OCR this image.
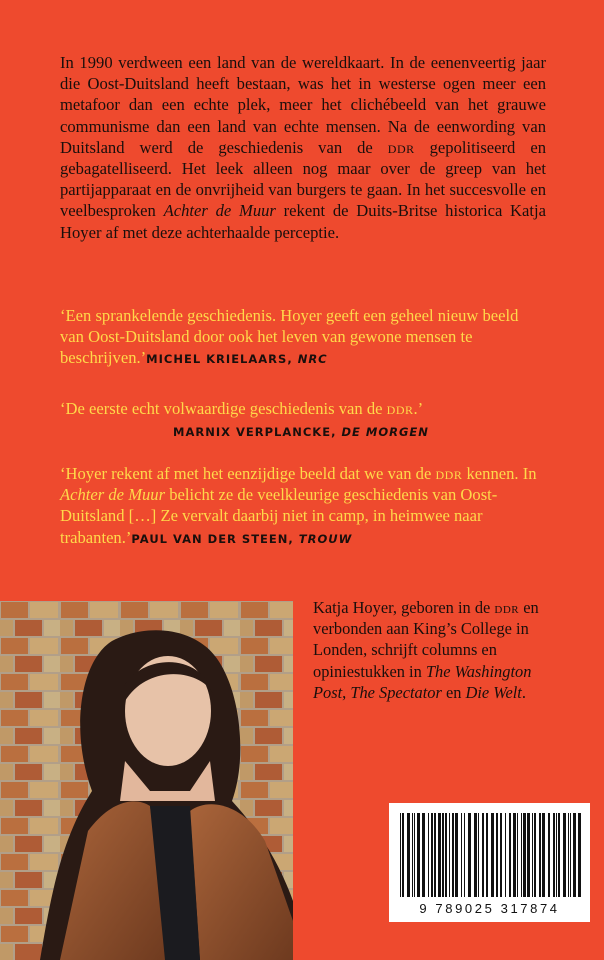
In 1990 verdween een land van de wereldkaart. In de eenenveertig jaar die Oost-Duitsland heeft bestaan, was het in westerse ogen meer een metafoor dan een echte plek, meer het clichébeeld van het grauwe communisme dan een land van echte mensen. Na de eenwording van Duitsland werd de geschiedenis van de ddr gepolitiseerd en gebagatelliseerd. Het leek alleen nog maar over de greep van het partijapparaat en de onvrijheid van burgers te gaan. In het succesvolle en veelbesproken Achter de Muur rekent de Duits-Britse historica Katja Hoyer af met deze achterhaalde perceptie.
‘Een sprankelende geschiedenis. Hoyer geeft een geheel nieuw beeld van Oost-Duitsland door ook het leven van gewone mensen te beschrijven.’MICHEL KRIELAARS, NRC
‘De eerste echt volwaardige geschiedenis van de ddr.’
MARNIX VERPLANCKE, DE MORGEN
‘Hoyer rekent af met het eenzijdige beeld dat we van de ddr kennen. In Achter de Muur belicht ze de veelkleurige geschiedenis van Oost-Duitsland […] Ze vervalt daarbij niet in camp, in heimwee naar trabanten.’PAUL VAN DER STEEN, TROUW
Katja Hoyer, geboren in de ddr en verbonden aan King’s College in Londen, schrijft columns en opiniestukken in The Washington Post, The Spectator en Die Welt.
9 789025 317874
